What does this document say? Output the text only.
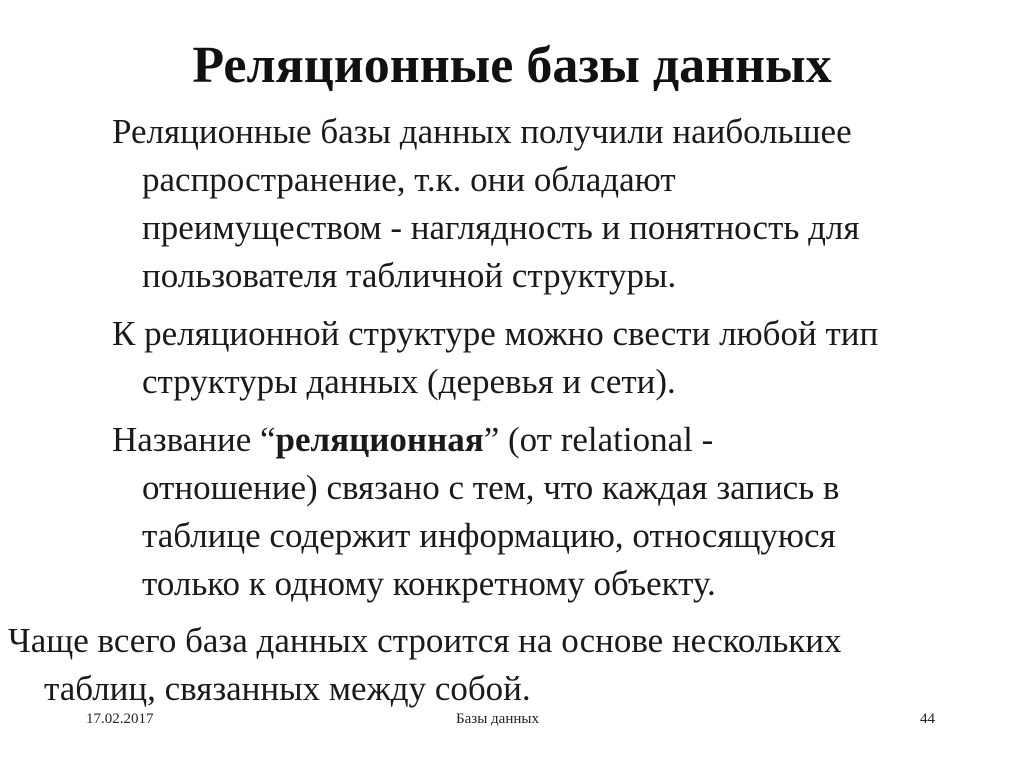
Реляционные базы данных
Реляционные базы данных получили наибольшее
распространение, т.к. они обладают
преимуществом - наглядность и понятность для
пользователя табличной структуры.
К реляционной структуре можно свести любой тип
структуры данных (деревья и сети).
Название “реляционная” (от relational -
отношение) связано с тем, что каждая запись в
таблице содержит информацию, относящуюся
только к одному конкретному объекту.
Чаще всего база данных строится на основе нескольких
таблиц, связанных между собой.
17.02.2017	Базы данных	44
